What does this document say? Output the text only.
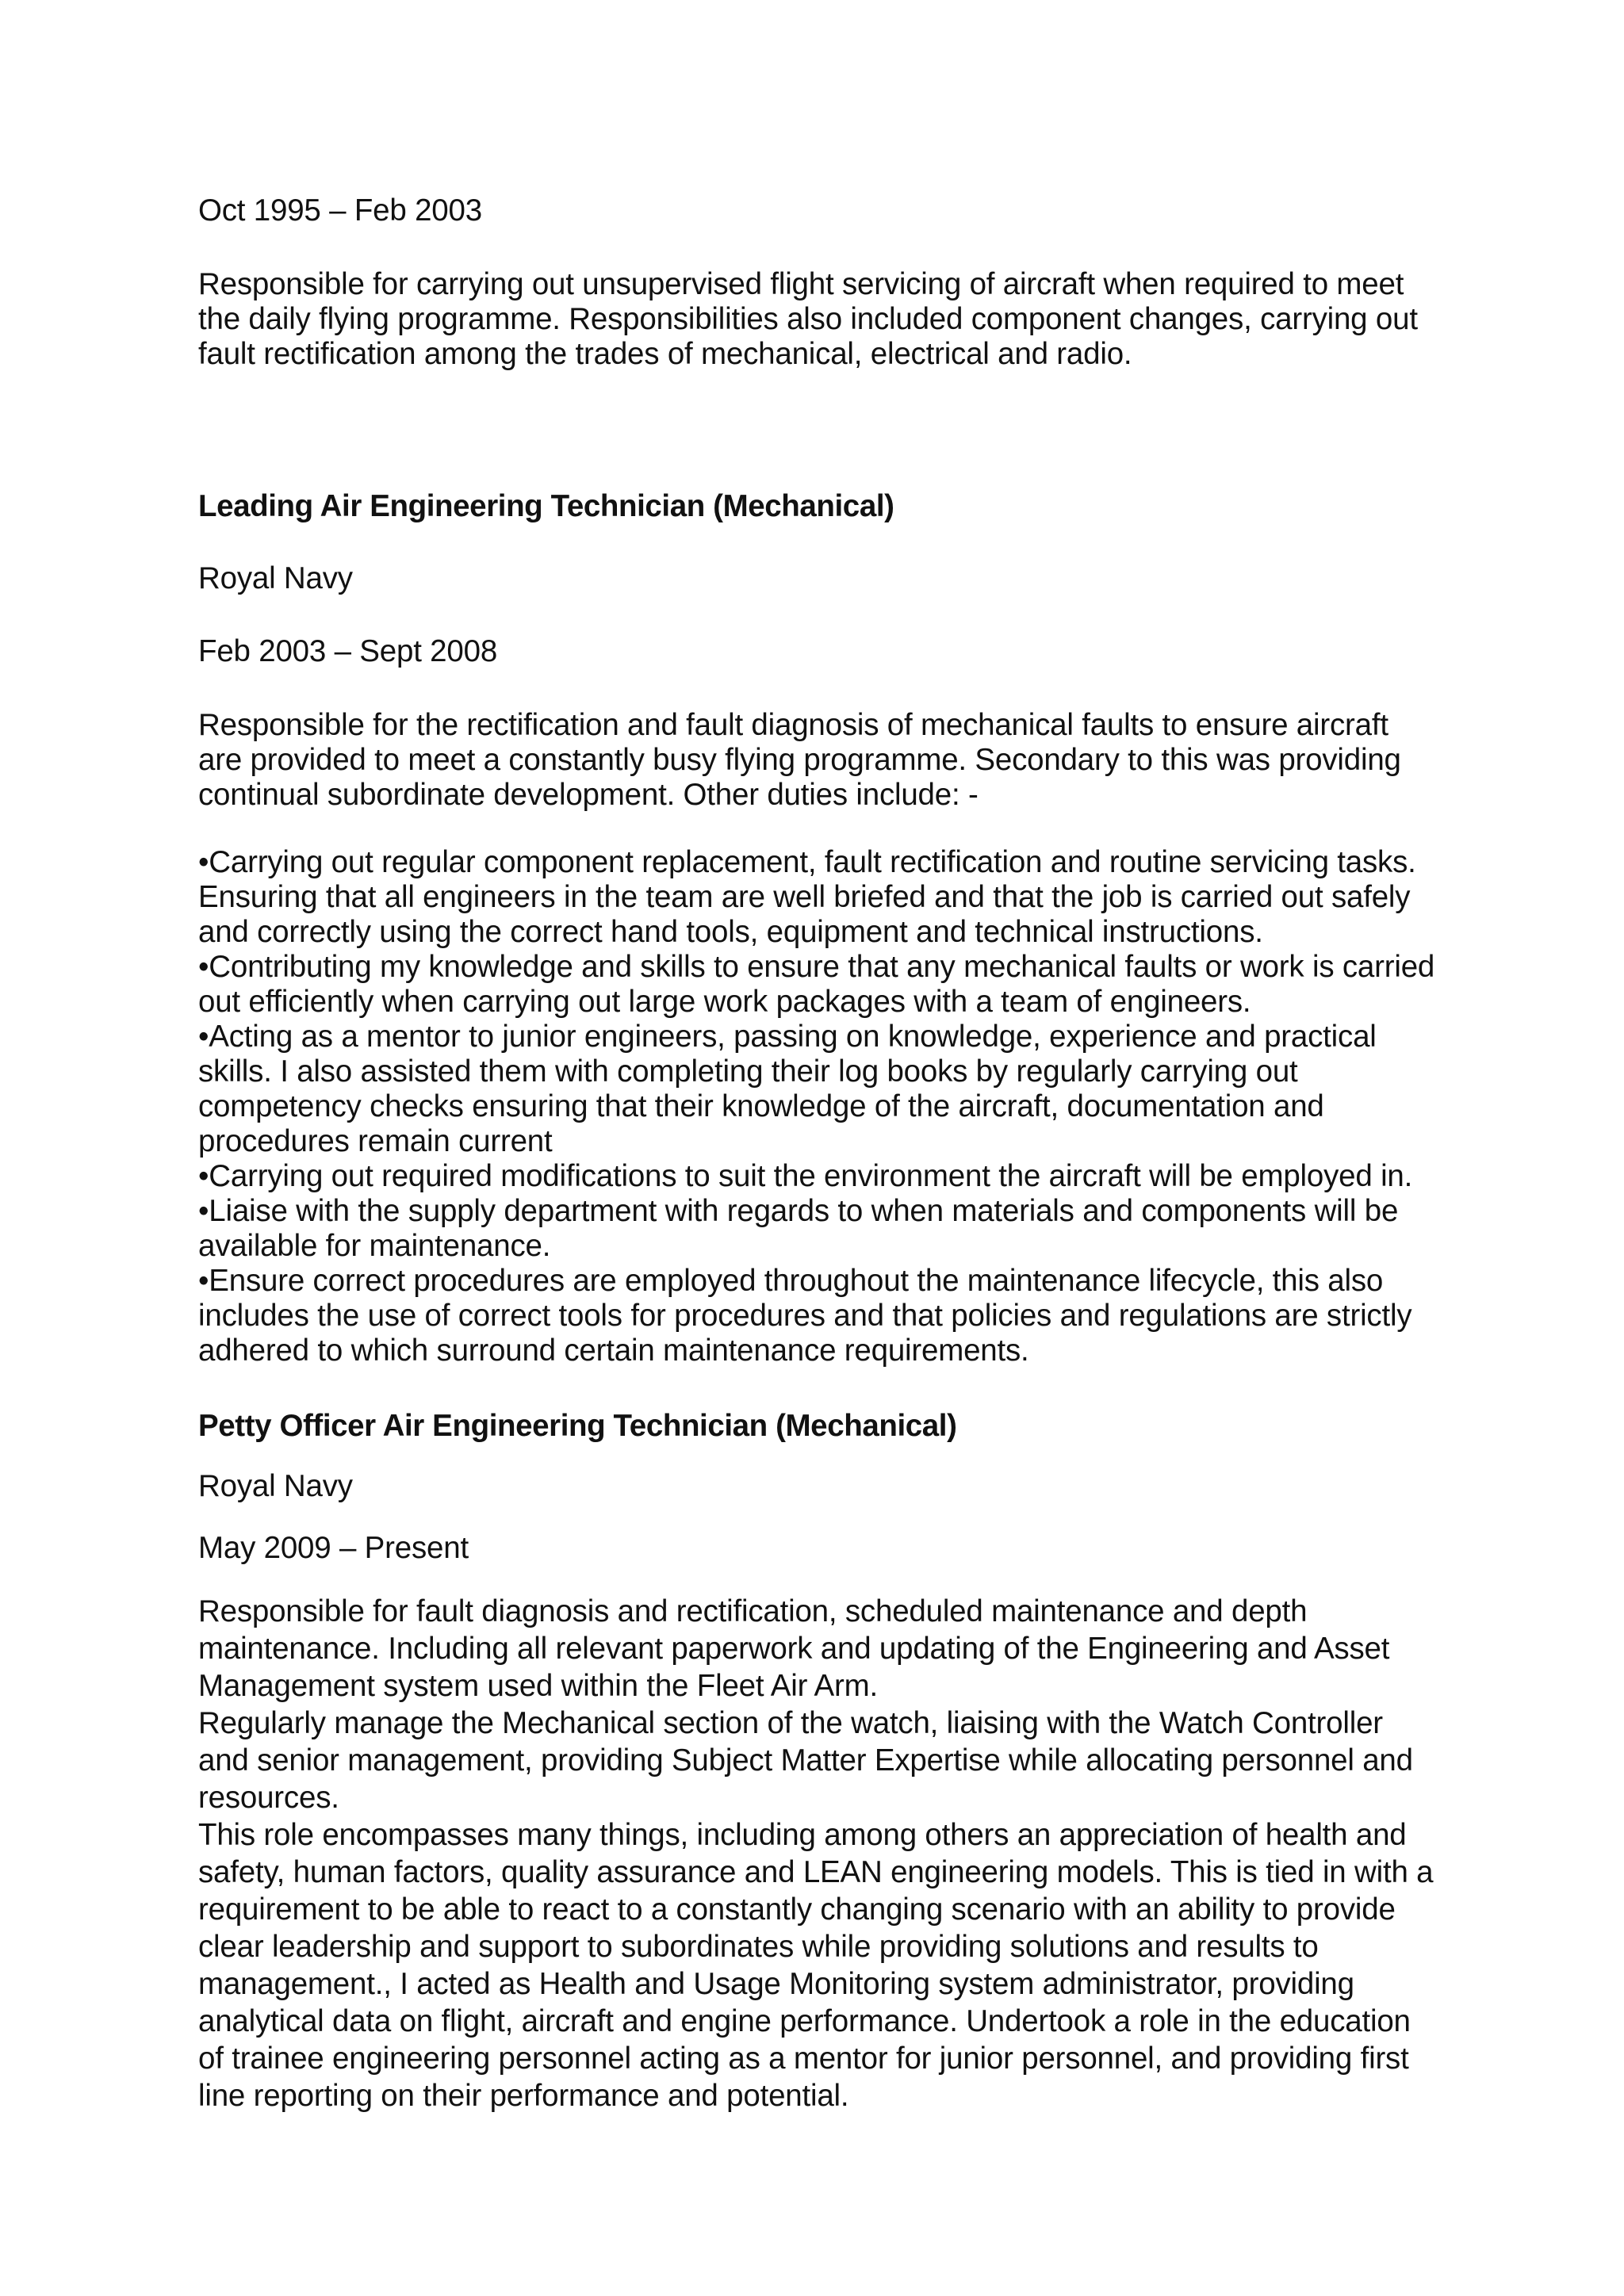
Oct 1995 – Feb 2003

Responsible for carrying out unsupervised flight servicing of aircraft when required to meet
the daily flying programme. Responsibilities also included component changes, carrying out
fault rectification among the trades of mechanical, electrical and radio.

Leading Air Engineering Technician (Mechanical)

Royal Navy

Feb 2003 – Sept 2008

Responsible for the rectification and fault diagnosis of mechanical faults to ensure aircraft
are provided to meet a constantly busy flying programme. Secondary to this was providing
continual subordinate development. Other duties include: -
•Carrying out regular component replacement, fault rectification and routine servicing tasks.
Ensuring that all engineers in the team are well briefed and that the job is carried out safely
and correctly using the correct hand tools, equipment and technical instructions.
•Contributing my knowledge and skills to ensure that any mechanical faults or work is carried
out efficiently when carrying out large work packages with a team of engineers.
•Acting as a mentor to junior engineers, passing on knowledge, experience and practical
skills. I also assisted them with completing their log books by regularly carrying out
competency checks ensuring that their knowledge of the aircraft, documentation and
procedures remain current
•Carrying out required modifications to suit the environment the aircraft will be employed in.
•Liaise with the supply department with regards to when materials and components will be
available for maintenance.
•Ensure correct procedures are employed throughout the maintenance lifecycle, this also
includes the use of correct tools for procedures and that policies and regulations are strictly
adhered to which surround certain maintenance requirements.

Petty Officer Air Engineering Technician (Mechanical)

Royal Navy

May 2009 – Present

Responsible for fault diagnosis and rectification, scheduled maintenance and depth
maintenance. Including all relevant paperwork and updating of the Engineering and Asset
Management system used within the Fleet Air Arm.
Regularly manage the Mechanical section of the watch, liaising with the Watch Controller
and senior management, providing Subject Matter Expertise while allocating personnel and
resources.
This role encompasses many things, including among others an appreciation of health and
safety, human factors, quality assurance and LEAN engineering models. This is tied in with a
requirement to be able to react to a constantly changing scenario with an ability to provide
clear leadership and support to subordinates while providing solutions and results to
management., I acted as Health and Usage Monitoring system administrator, providing
analytical data on flight, aircraft and engine performance. Undertook a role in the education
of trainee engineering personnel acting as a mentor for junior personnel, and providing first
line reporting on their performance and potential.
